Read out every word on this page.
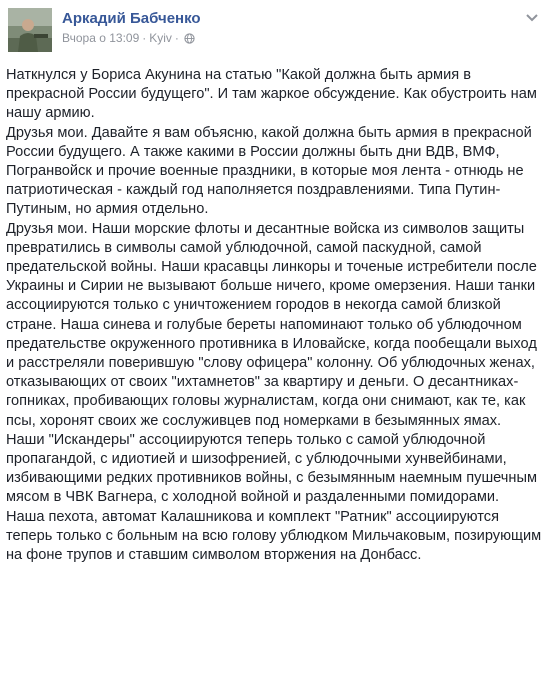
Аркадий Бабченко
Вчора о 13:09 · Kyiv ·

Наткнулся у Бориса Акунина на статью "Какой должна быть армия в прекрасной России будущего". И там жаркое обсуждение. Как обустроить нам нашу армию.

Друзья мои. Давайте я вам объясню, какой должна быть армия в прекрасной России будущего. А также какими в России должны быть дни ВДВ, ВМФ, Погранвойск и прочие военные праздники, в которые моя лента - отнюдь не патриотическая - каждый год наполняется поздравлениями. Типа Путин-Путиным, но армия отдельно.

Друзья мои. Наши морские флоты и десантные войска из символов защиты превратились в символы самой ублюдочной, самой паскудной, самой предательской войны. Наши красавцы линкоры и точеные истребители после Украины и Сирии не вызывают больше ничего, кроме омерзения. Наши танки ассоциируются только с уничтожением городов в некогда самой близкой стране. Наша синева и голубые береты напоминают только об ублюдочном предательстве окруженного противника в Иловайске, когда пообещали выход и расстреляли поверившую "слову офицера" колонну. Об ублюдочных женах, отказывающих от своих "ихтамнетов" за квартиру и деньги. О десантниках-гопниках, пробивающих головы журналистам, когда они снимают, как те, как псы, хоронят своих же сослуживцев под номерками в безымянных ямах.

Наши "Искандеры" ассоциируются теперь только с самой ублюдочной пропагандой, с идиотией и шизофренией, с ублюдочными хунвейбинами, избивающими редких противников войны, с безымянным наемным пушечным мясом в ЧВК Вагнера, с холодной войной и раздаленными помидорами.

Наша пехота, автомат Калашникова и комплект "Ратник" ассоциируются теперь только с больным на всю голову ублюдком Мильчаковым, позирующим на фоне трупов и ставшим символом вторжения на Донбасс.
